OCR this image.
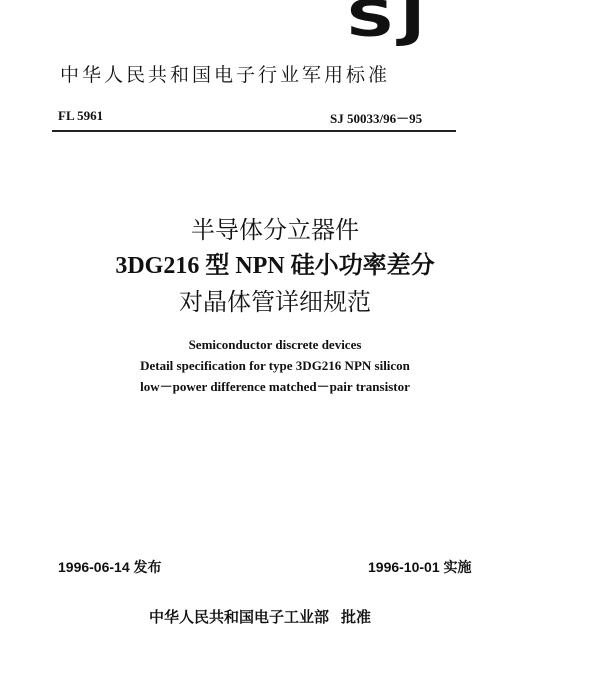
SJ
中华人民共和国电子行业军用标准
FL 5961	SJ 50033/96－95
半导体分立器件
3DG216 型 NPN 硅小功率差分
对晶体管详细规范
Semiconductor discrete devices
Detail specification for type 3DG216 NPN silicon
low－power difference matched－pair transistor
1996-06-14 发布	1996-10-01 实施
中华人民共和国电子工业部 批准
